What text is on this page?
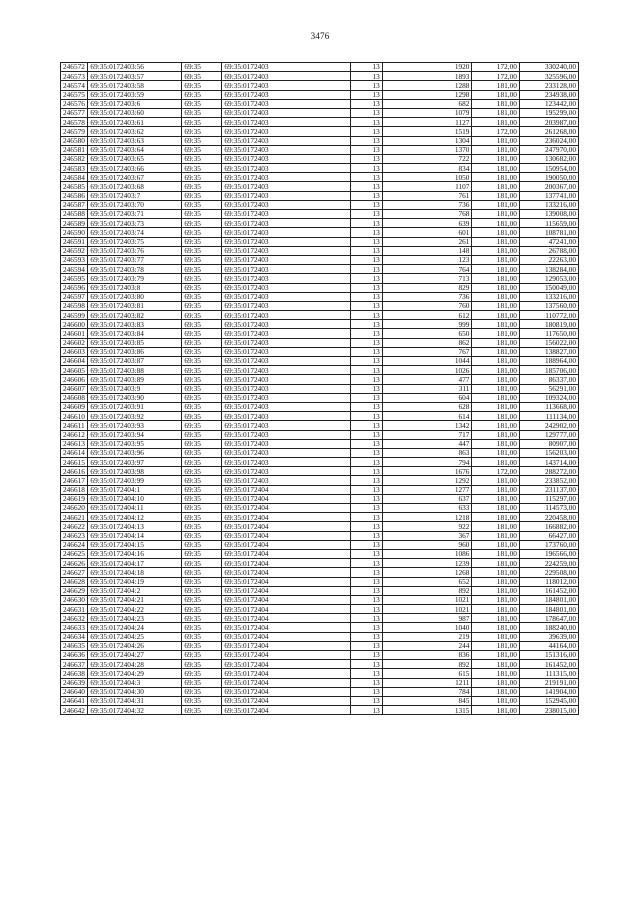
3476
246572	69:35:0172403:56	69:35	69:35:0172403	13	1920	172,00	330240,00
246573	69:35:0172403:57	69:35	69:35:0172403	13	1893	172,00	325596,00
246574	69:35:0172403:58	69:35	69:35:0172403	13	1288	181,00	233128,00
246575	69:35:0172403:59	69:35	69:35:0172403	13	1298	181,00	234938,00
246576	69:35:0172403:6	69:35	69:35:0172403	13	682	181,00	123442,00
246577	69:35:0172403:60	69:35	69:35:0172403	13	1079	181,00	195299,00
246578	69:35:0172403:61	69:35	69:35:0172403	13	1127	181,00	203987,00
246579	69:35:0172403:62	69:35	69:35:0172403	13	1519	172,00	261268,00
246580	69:35:0172403:63	69:35	69:35:0172403	13	1304	181,00	236024,00
246581	69:35:0172403:64	69:35	69:35:0172403	13	1370	181,00	247970,00
246582	69:35:0172403:65	69:35	69:35:0172403	13	722	181,00	130682,00
246583	69:35:0172403:66	69:35	69:35:0172403	13	834	181,00	150954,00
246584	69:35:0172403:67	69:35	69:35:0172403	13	1050	181,00	190050,00
246585	69:35:0172403:68	69:35	69:35:0172403	13	1107	181,00	200367,00
246586	69:35:0172403:7	69:35	69:35:0172403	13	761	181,00	137741,00
246587	69:35:0172403:70	69:35	69:35:0172403	13	736	181,00	133216,00
246588	69:35:0172403:71	69:35	69:35:0172403	13	768	181,00	139008,00
246589	69:35:0172403:73	69:35	69:35:0172403	13	639	181,00	115659,00
246590	69:35:0172403:74	69:35	69:35:0172403	13	601	181,00	108781,00
246591	69:35:0172403:75	69:35	69:35:0172403	13	261	181,00	47241,00
246592	69:35:0172403:76	69:35	69:35:0172403	13	148	181,00	26788,00
246593	69:35:0172403:77	69:35	69:35:0172403	13	123	181,00	22263,00
246594	69:35:0172403:78	69:35	69:35:0172403	13	764	181,00	138284,00
246595	69:35:0172403:79	69:35	69:35:0172403	13	713	181,00	129053,00
246596	69:35:0172403:8	69:35	69:35:0172403	13	829	181,00	150049,00
246597	69:35:0172403:80	69:35	69:35:0172403	13	736	181,00	133216,00
246598	69:35:0172403:81	69:35	69:35:0172403	13	760	181,00	137560,00
246599	69:35:0172403:82	69:35	69:35:0172403	13	612	181,00	110772,00
246600	69:35:0172403:83	69:35	69:35:0172403	13	999	181,00	180819,00
246601	69:35:0172403:84	69:35	69:35:0172403	13	650	181,00	117650,00
246602	69:35:0172403:85	69:35	69:35:0172403	13	862	181,00	156022,00
246603	69:35:0172403:86	69:35	69:35:0172403	13	767	181,00	138827,00
246604	69:35:0172403:87	69:35	69:35:0172403	13	1044	181,00	188964,00
246605	69:35:0172403:88	69:35	69:35:0172403	13	1026	181,00	185706,00
246606	69:35:0172403:89	69:35	69:35:0172403	13	477	181,00	86337,00
246607	69:35:0172403:9	69:35	69:35:0172403	13	311	181,00	56291,00
246608	69:35:0172403:90	69:35	69:35:0172403	13	604	181,00	109324,00
246609	69:35:0172403:91	69:35	69:35:0172403	13	628	181,00	113668,00
246610	69:35:0172403:92	69:35	69:35:0172403	13	614	181,00	111134,00
246611	69:35:0172403:93	69:35	69:35:0172403	13	1342	181,00	242902,00
246612	69:35:0172403:94	69:35	69:35:0172403	13	717	181,00	129777,00
246613	69:35:0172403:95	69:35	69:35:0172403	13	447	181,00	80907,00
246614	69:35:0172403:96	69:35	69:35:0172403	13	863	181,00	156203,00
246615	69:35:0172403:97	69:35	69:35:0172403	13	794	181,00	143714,00
246616	69:35:0172403:98	69:35	69:35:0172403	13	1676	172,00	288272,00
246617	69:35:0172403:99	69:35	69:35:0172403	13	1292	181,00	233852,00
246618	69:35:0172404:1	69:35	69:35:0172404	13	1277	181,00	231137,00
246619	69:35:0172404:10	69:35	69:35:0172404	13	637	181,00	115297,00
246620	69:35:0172404:11	69:35	69:35:0172404	13	633	181,00	114573,00
246621	69:35:0172404:12	69:35	69:35:0172404	13	1218	181,00	220458,00
246622	69:35:0172404:13	69:35	69:35:0172404	13	922	181,00	166882,00
246623	69:35:0172404:14	69:35	69:35:0172404	13	367	181,00	66427,00
246624	69:35:0172404:15	69:35	69:35:0172404	13	960	181,00	173760,00
246625	69:35:0172404:16	69:35	69:35:0172404	13	1086	181,00	196566,00
246626	69:35:0172404:17	69:35	69:35:0172404	13	1239	181,00	224259,00
246627	69:35:0172404:18	69:35	69:35:0172404	13	1268	181,00	229508,00
246628	69:35:0172404:19	69:35	69:35:0172404	13	652	181,00	118012,00
246629	69:35:0172404:2	69:35	69:35:0172404	13	892	181,00	161452,00
246630	69:35:0172404:21	69:35	69:35:0172404	13	1021	181,00	184801,00
246631	69:35:0172404:22	69:35	69:35:0172404	13	1021	181,00	184801,00
246632	69:35:0172404:23	69:35	69:35:0172404	13	987	181,00	178647,00
246633	69:35:0172404:24	69:35	69:35:0172404	13	1040	181,00	188240,00
246634	69:35:0172404:25	69:35	69:35:0172404	13	219	181,00	39639,00
246635	69:35:0172404:26	69:35	69:35:0172404	13	244	181,00	44164,00
246636	69:35:0172404:27	69:35	69:35:0172404	13	836	181,00	151316,00
246637	69:35:0172404:28	69:35	69:35:0172404	13	892	181,00	161452,00
246638	69:35:0172404:29	69:35	69:35:0172404	13	615	181,00	111315,00
246639	69:35:0172404:3	69:35	69:35:0172404	13	1211	181,00	219191,00
246640	69:35:0172404:30	69:35	69:35:0172404	13	784	181,00	141904,00
246641	69:35:0172404:31	69:35	69:35:0172404	13	845	181,00	152945,00
246642	69:35:0172404:32	69:35	69:35:0172404	13	1315	181,00	238015,00
